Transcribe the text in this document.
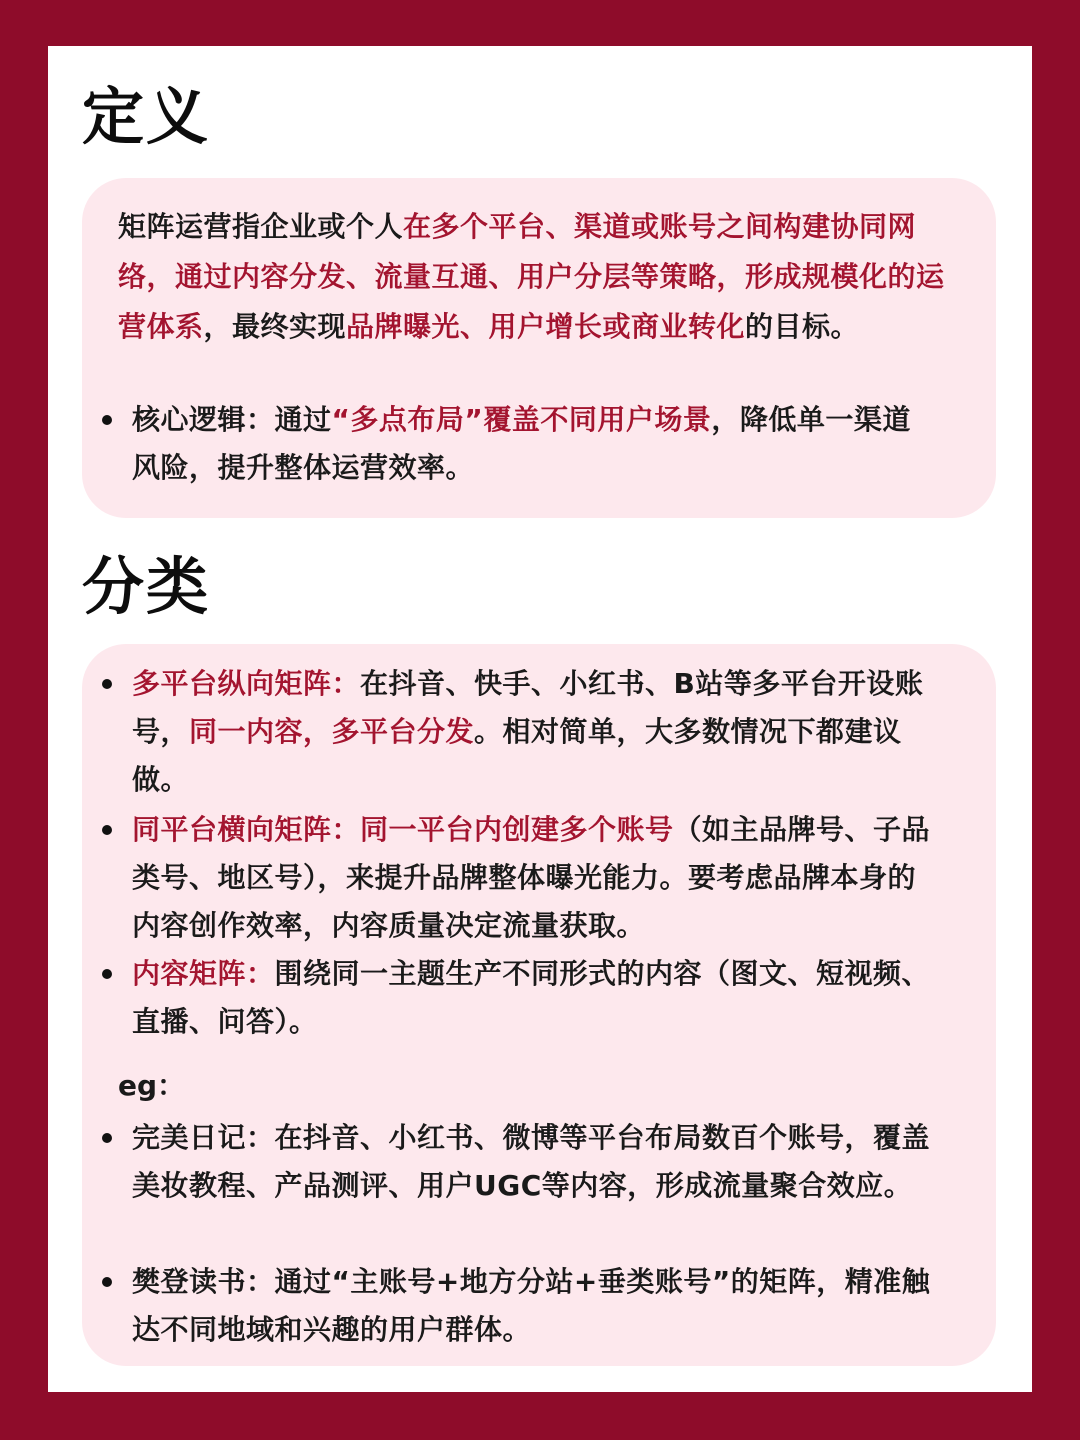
定义

矩阵运营指企业或个人在多个平台、渠道或账号之间构建协同网络，通过内容分发、流量互通、用户分层等策略，形成规模化的运营体系，最终实现品牌曝光、用户增长或商业转化的目标。

核心逻辑：通过“多点布局”覆盖不同用户场景，降低单一渠道风险，提升整体运营效率。
分类
多平台纵向矩阵：在抖音、快手、小红书、B站等多平台开设账号，同一内容，多平台分发。相对简单，大多数情况下都建议做。
同平台横向矩阵：同一平台内创建多个账号（如主品牌号、子品类号、地区号），来提升品牌整体曝光能力。要考虑品牌本身的内容创作效率，内容质量决定流量获取。
内容矩阵：围绕同一主题生产不同形式的内容（图文、短视频、直播、问答）。
eg：
完美日记：在抖音、小红书、微博等平台布局数百个账号，覆盖美妆教程、产品测评、用户UGC等内容，形成流量聚合效应。
樊登读书：通过“主账号+地方分站+垂类账号”的矩阵，精准触达不同地域和兴趣的用户群体。
